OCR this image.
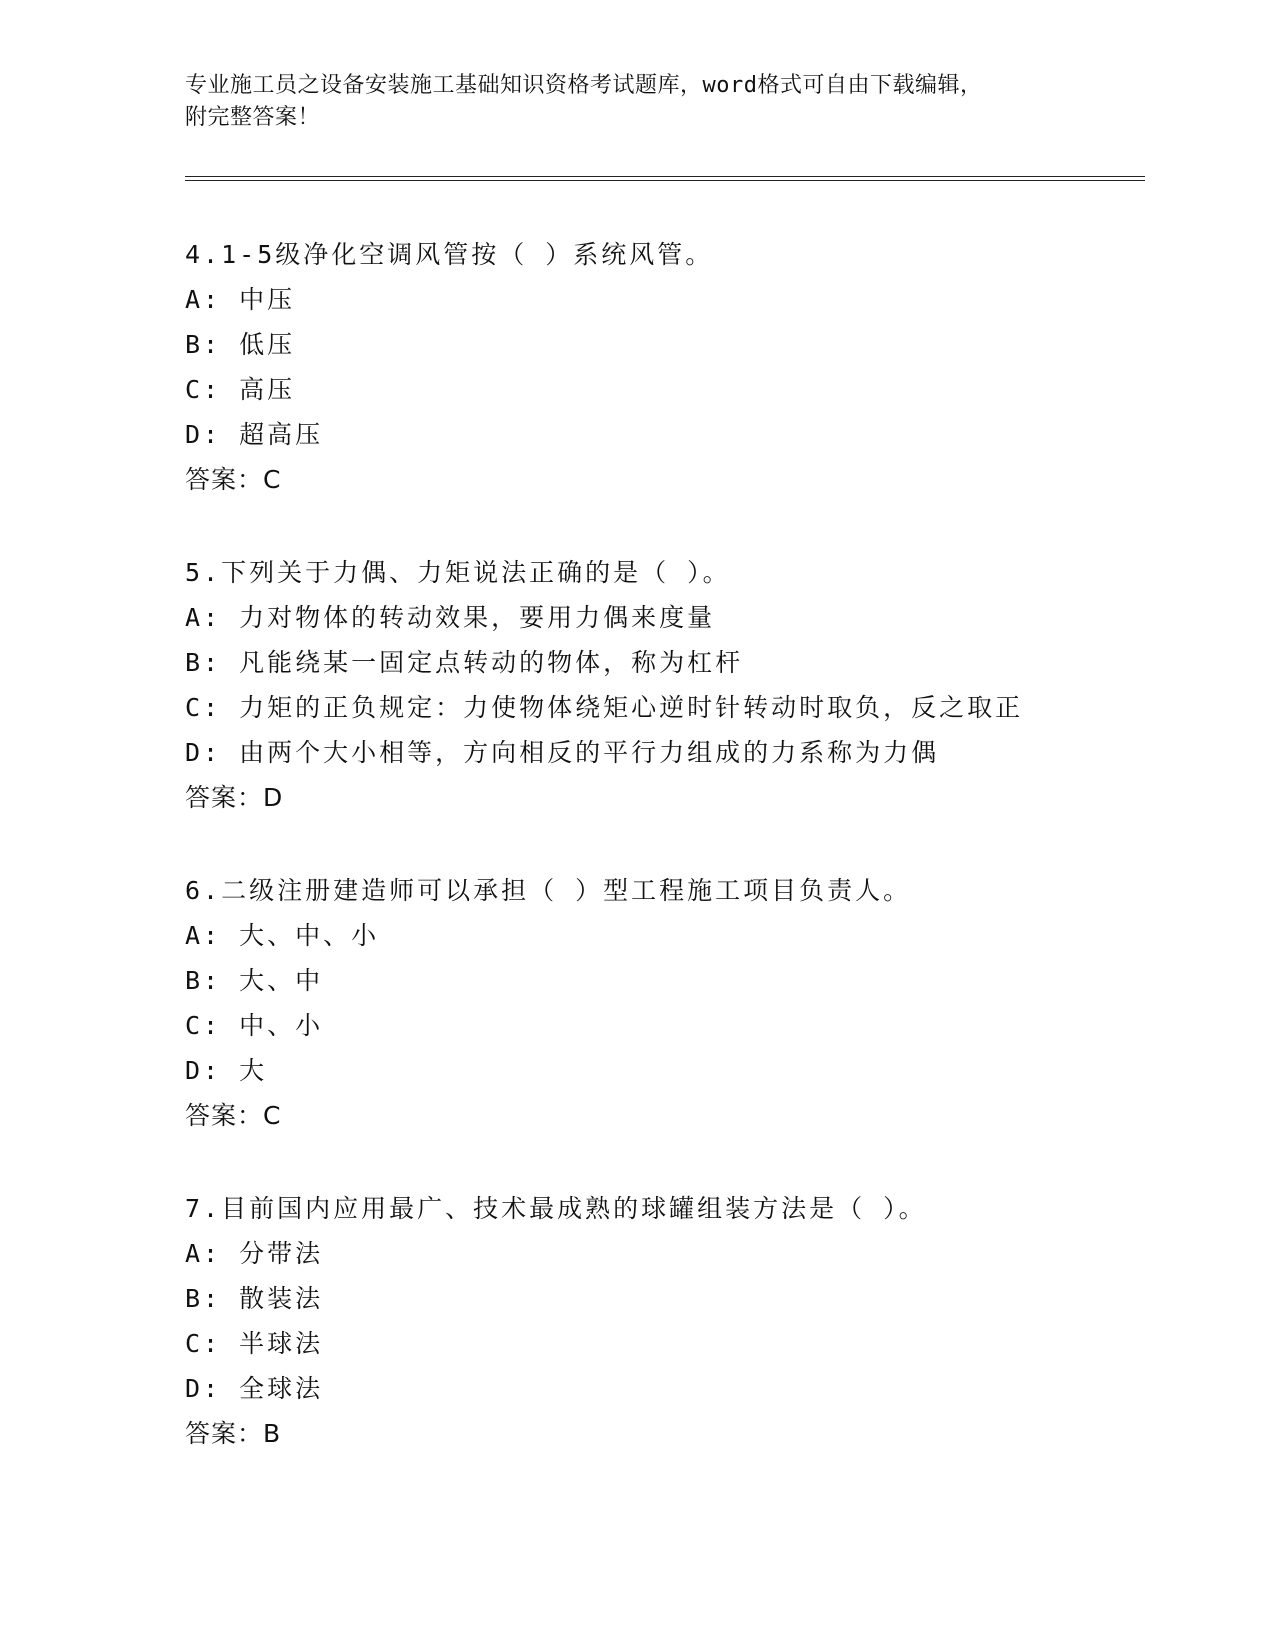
专业施工员之设备安装施工基础知识资格考试题库，word格式可自由下载编辑，
附完整答案！
4.1-5级净化空调风管按（ ）系统风管。
A: 中压
B: 低压
C: 高压
D: 超高压
答案：C
5.下列关于力偶、力矩说法正确的是（ ）。
A: 力对物体的转动效果，要用力偶来度量
B: 凡能绕某一固定点转动的物体，称为杠杆
C: 力矩的正负规定：力使物体绕矩心逆时针转动时取负，反之取正
D: 由两个大小相等，方向相反的平行力组成的力系称为力偶
答案：D
6.二级注册建造师可以承担（ ）型工程施工项目负责人。
A: 大、中、小
B: 大、中
C: 中、小
D: 大
答案：C
7.目前国内应用最广、技术最成熟的球罐组装方法是（ ）。
A: 分带法
B: 散装法
C: 半球法
D: 全球法
答案：B
